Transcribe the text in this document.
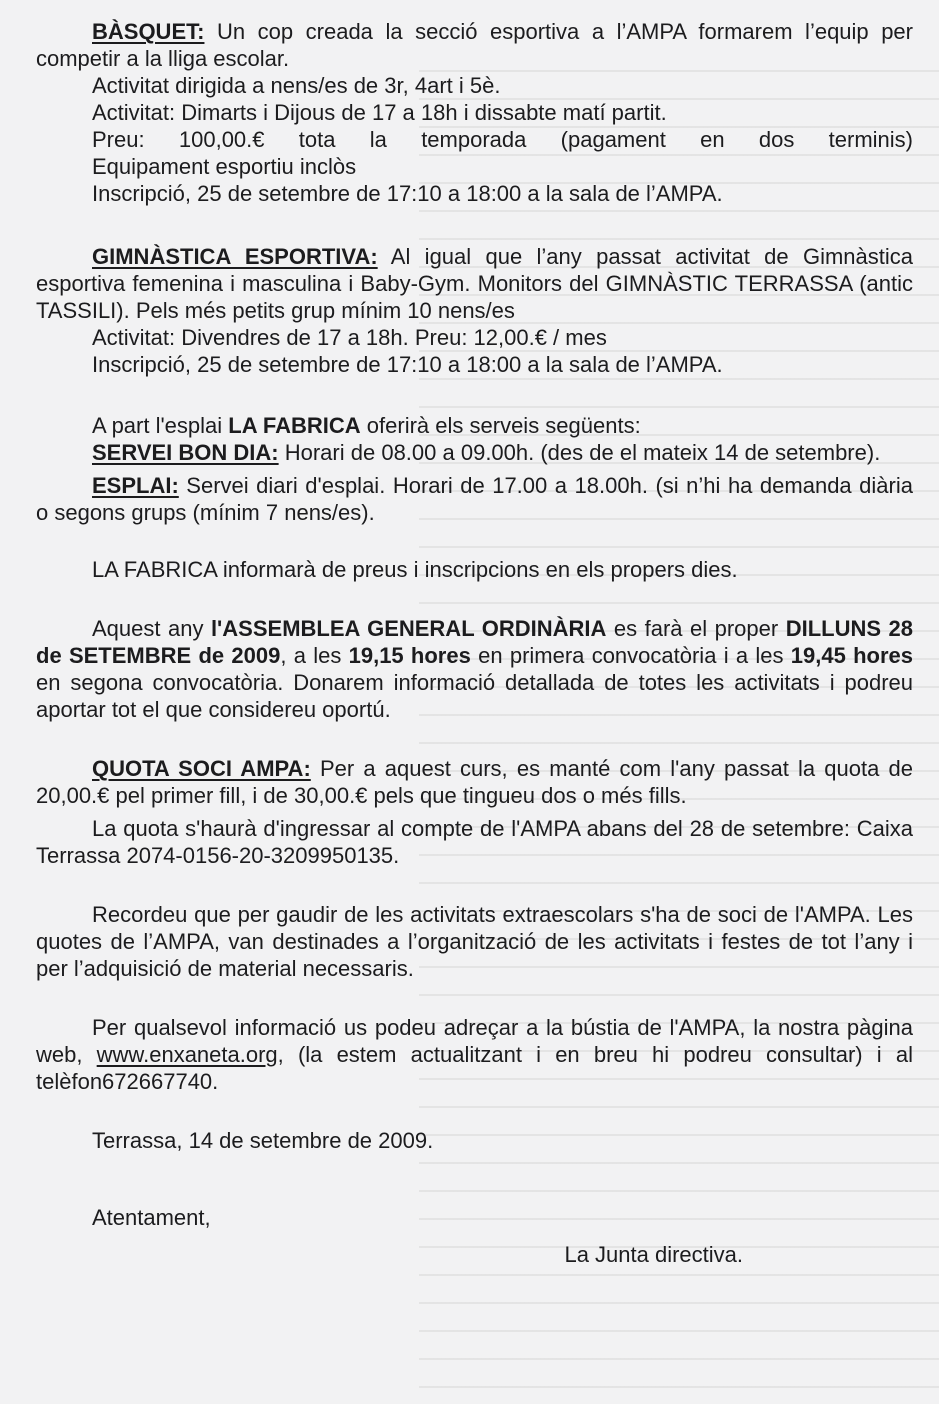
BÀSQUET: Un cop creada la secció esportiva a l’AMPA formarem l’equip per competir a la lliga escolar.
Activitat dirigida a nens/es de 3r, 4art i 5è.
Activitat: Dimarts i Dijous de 17 a 18h i dissabte matí partit.
Preu: 100,00.€ tota la temporada (pagament en dos terminis)
Equipament esportiu inclòs
Inscripció, 25 de setembre de 17:10 a 18:00 a la sala de l’AMPA.
GIMNÀSTICA ESPORTIVA: Al igual que l’any passat activitat de Gimnàstica esportiva femenina i masculina i Baby-Gym. Monitors del GIMNÀSTIC TERRASSA (antic TASSILI). Pels més petits grup mínim 10 nens/es
Activitat: Divendres de 17 a 18h. Preu: 12,00.€ / mes
Inscripció, 25 de setembre de 17:10 a 18:00 a la sala de l’AMPA.
A part l'esplai LA FABRICA oferirà els serveis següents:
SERVEI BON DIA: Horari de 08.00 a 09.00h. (des de el mateix 14 de setembre).
ESPLAI: Servei diari d'esplai. Horari de 17.00 a 18.00h. (si n’hi ha demanda diària o segons grups (mínim 7 nens/es).
LA FABRICA informarà de preus i inscripcions en els propers dies.
Aquest any l'ASSEMBLEA GENERAL ORDINÀRIA es farà el proper DILLUNS 28 de SETEMBRE de 2009, a les 19,15 hores en primera convocatòria i a les 19,45 hores en segona convocatòria. Donarem informació detallada de totes les activitats i podreu aportar tot el que considereu oportú.
QUOTA SOCI AMPA: Per a aquest curs, es manté com l'any passat la quota de 20,00.€ pel primer fill, i de 30,00.€ pels que tingueu dos o més fills.
La quota s'haurà d'ingressar al compte de l'AMPA abans del 28 de setembre: Caixa Terrassa 2074-0156-20-3209950135.
Recordeu que per gaudir de les activitats extraescolars s'ha de soci de l'AMPA. Les quotes de l’AMPA, van destinades a l’organització de les activitats i festes de tot l’any i per l’adquisició de material necessaris.
Per qualsevol informació us podeu adreçar a la bústia de l'AMPA, la nostra pàgina web, www.enxaneta.org, (la estem actualitzant i en breu hi podreu consultar) i al telèfon672667740.
Terrassa, 14 de setembre de 2009.
Atentament,
La Junta directiva.
